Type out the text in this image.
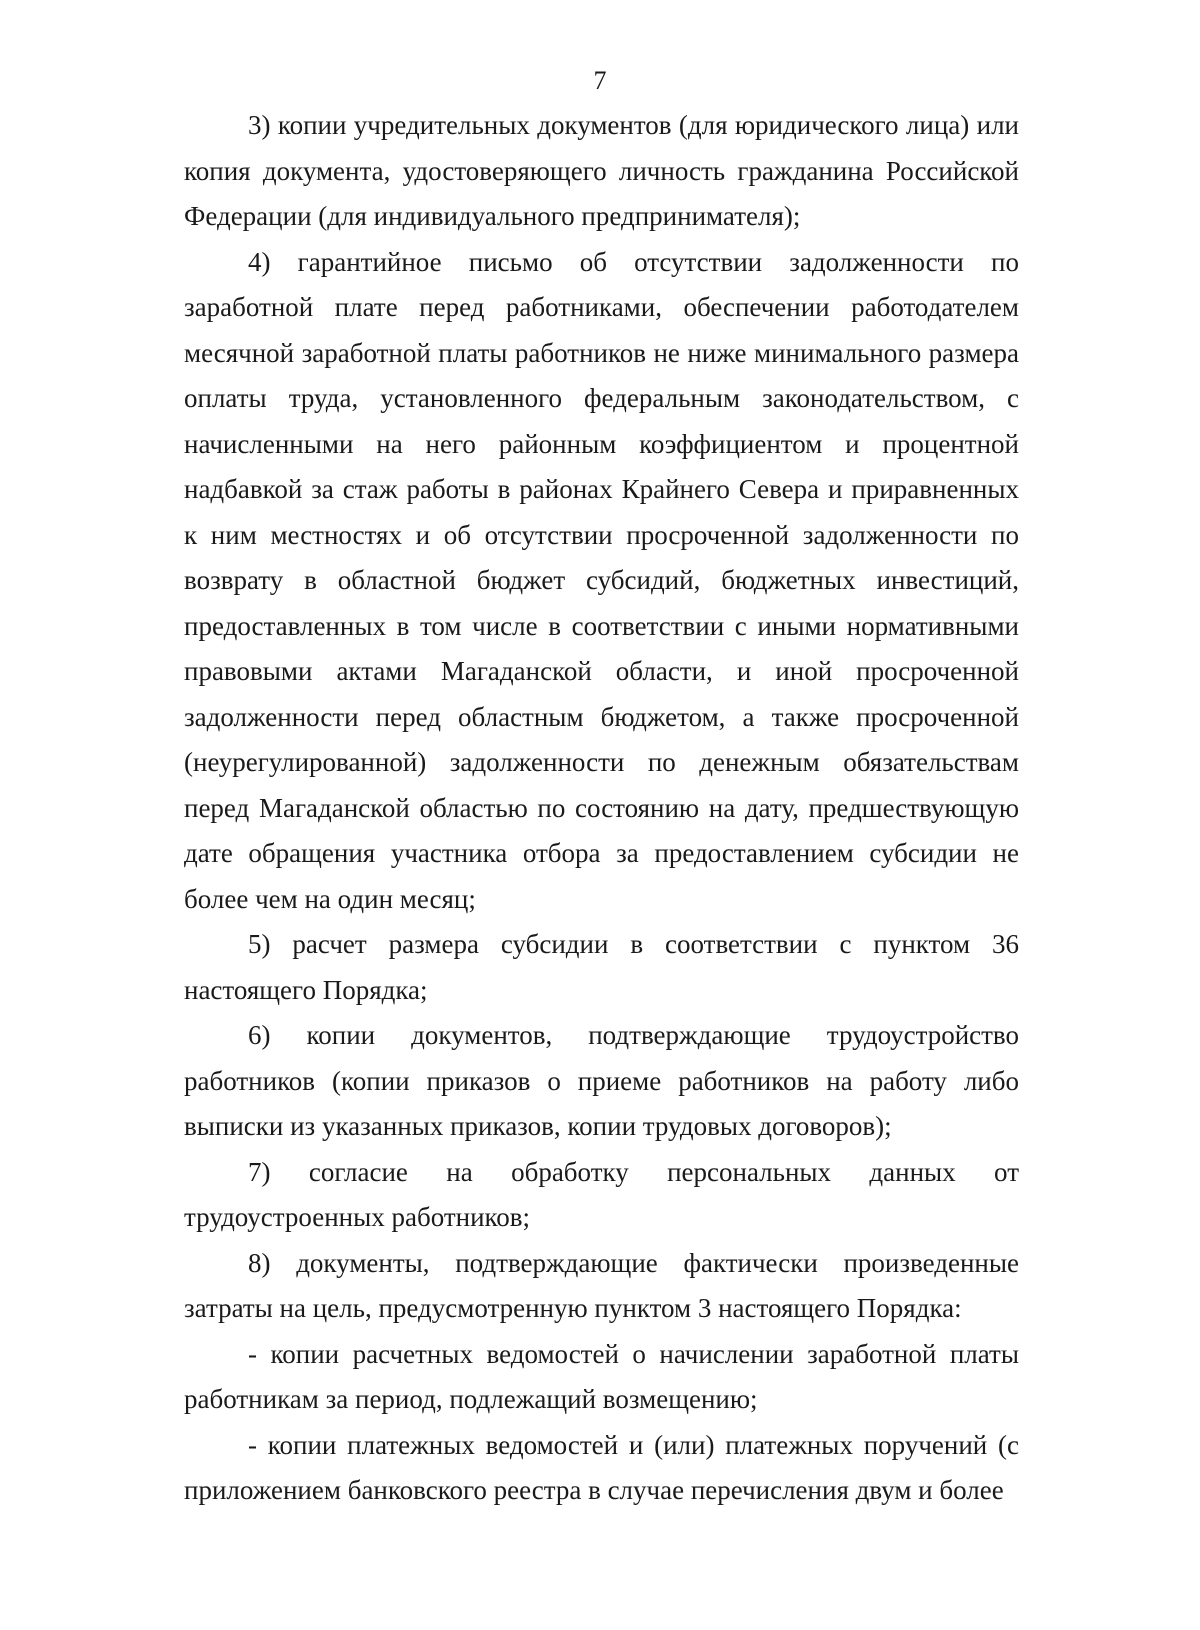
7

3) копии учредительных документов (для юридического лица) или копия документа, удостоверяющего личность гражданина Российской Федерации (для индивидуального предпринимателя);

4) гарантийное письмо об отсутствии задолженности по заработной плате перед работниками, обеспечении работодателем месячной заработной платы работников не ниже минимального размера оплаты труда, установленного федеральным законодательством, с начисленными на него районным коэффициентом и процентной надбавкой за стаж работы в районах Крайнего Севера и приравненных к ним местностях и об отсутствии просроченной задолженности по возврату в областной бюджет субсидий, бюджетных инвестиций, предоставленных в том числе в соответствии с иными нормативными правовыми актами Магаданской области, и иной просроченной задолженности перед областным бюджетом, а также просроченной (неурегулированной) задолженности по денежным обязательствам перед Магаданской областью по состоянию на дату, предшествующую дате обращения участника отбора за предоставлением субсидии не более чем на один месяц;

5) расчет размера субсидии в соответствии с пунктом 36 настоящего Порядка;

6) копии документов, подтверждающие трудоустройство работников (копии приказов о приеме работников на работу либо выписки из указанных приказов, копии трудовых договоров);

7) согласие на обработку персональных данных от трудоустроенных работников;

8) документы, подтверждающие фактически произведенные затраты на цель, предусмотренную пунктом 3 настоящего Порядка:

- копии расчетных ведомостей о начислении заработной платы работникам за период, подлежащий возмещению;

- копии платежных ведомостей и (или) платежных поручений (с приложением банковского реестра в случае перечисления двум и более
